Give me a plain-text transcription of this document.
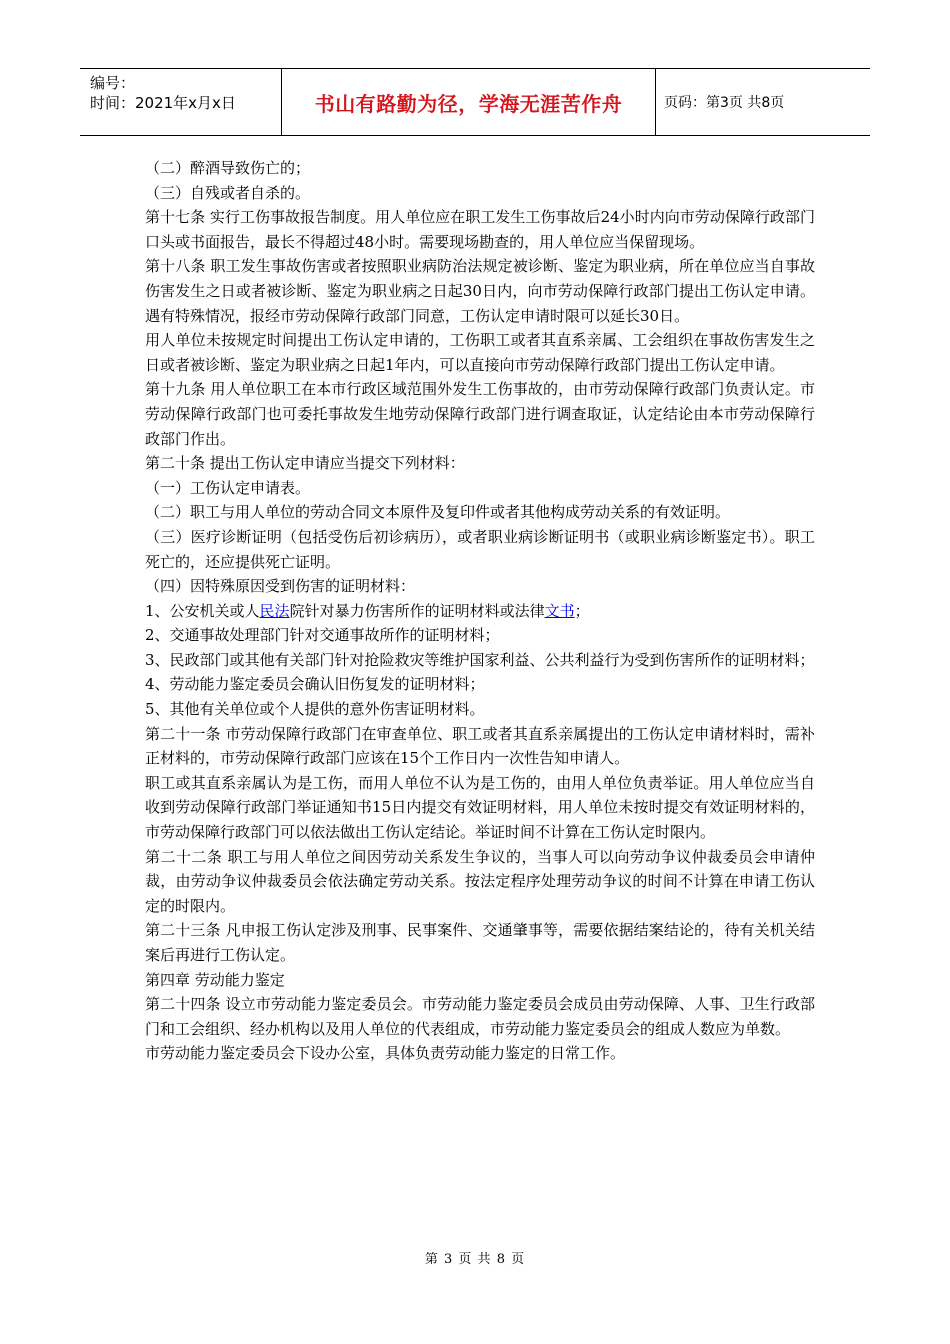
编号：
时间：2021年x月x日	书山有路勤为径，学海无涯苦作舟	页码：第3页 共8页

（二）醉酒导致伤亡的；

（三）自残或者自杀的。

第十七条 实行工伤事故报告制度。用人单位应在职工发生工伤事故后24小时内向市劳动保障行政部门口头或书面报告，最长不得超过48小时。需要现场勘查的，用人单位应当保留现场。

第十八条 职工发生事故伤害或者按照职业病防治法规定被诊断、鉴定为职业病，所在单位应当自事故伤害发生之日或者被诊断、鉴定为职业病之日起30日内，向市劳动保障行政部门提出工伤认定申请。遇有特殊情况，报经市劳动保障行政部门同意，工伤认定申请时限可以延长30日。

用人单位未按规定时间提出工伤认定申请的，工伤职工或者其直系亲属、工会组织在事故伤害发生之日或者被诊断、鉴定为职业病之日起1年内，可以直接向市劳动保障行政部门提出工伤认定申请。

第十九条 用人单位职工在本市行政区域范围外发生工伤事故的，由市劳动保障行政部门负责认定。市劳动保障行政部门也可委托事故发生地劳动保障行政部门进行调查取证，认定结论由本市劳动保障行政部门作出。

第二十条 提出工伤认定申请应当提交下列材料：

（一）工伤认定申请表。

（二）职工与用人单位的劳动合同文本原件及复印件或者其他构成劳动关系的有效证明。

（三）医疗诊断证明（包括受伤后初诊病历），或者职业病诊断证明书（或职业病诊断鉴定书）。职工死亡的，还应提供死亡证明。

（四）因特殊原因受到伤害的证明材料：

1、公安机关或人民法院针对暴力伤害所作的证明材料或法律文书；

2、交通事故处理部门针对交通事故所作的证明材料；

3、民政部门或其他有关部门针对抢险救灾等维护国家利益、公共利益行为受到伤害所作的证明材料；

4、劳动能力鉴定委员会确认旧伤复发的证明材料；

5、其他有关单位或个人提供的意外伤害证明材料。

第二十一条 市劳动保障行政部门在审查单位、职工或者其直系亲属提出的工伤认定申请材料时，需补正材料的，市劳动保障行政部门应该在15个工作日内一次性告知申请人。

职工或其直系亲属认为是工伤，而用人单位不认为是工伤的，由用人单位负责举证。用人单位应当自收到劳动保障行政部门举证通知书15日内提交有效证明材料，用人单位未按时提交有效证明材料的，市劳动保障行政部门可以依法做出工伤认定结论。举证时间不计算在工伤认定时限内。

第二十二条 职工与用人单位之间因劳动关系发生争议的，当事人可以向劳动争议仲裁委员会申请仲裁，由劳动争议仲裁委员会依法确定劳动关系。按法定程序处理劳动争议的时间不计算在申请工伤认定的时限内。

第二十三条 凡申报工伤认定涉及刑事、民事案件、交通肇事等，需要依据结案结论的，待有关机关结案后再进行工伤认定。

第四章 劳动能力鉴定

第二十四条 设立市劳动能力鉴定委员会。市劳动能力鉴定委员会成员由劳动保障、人事、卫生行政部门和工会组织、经办机构以及用人单位的代表组成，市劳动能力鉴定委员会的组成人数应为单数。

市劳动能力鉴定委员会下设办公室，具体负责劳动能力鉴定的日常工作。

第 3 页 共 8 页
